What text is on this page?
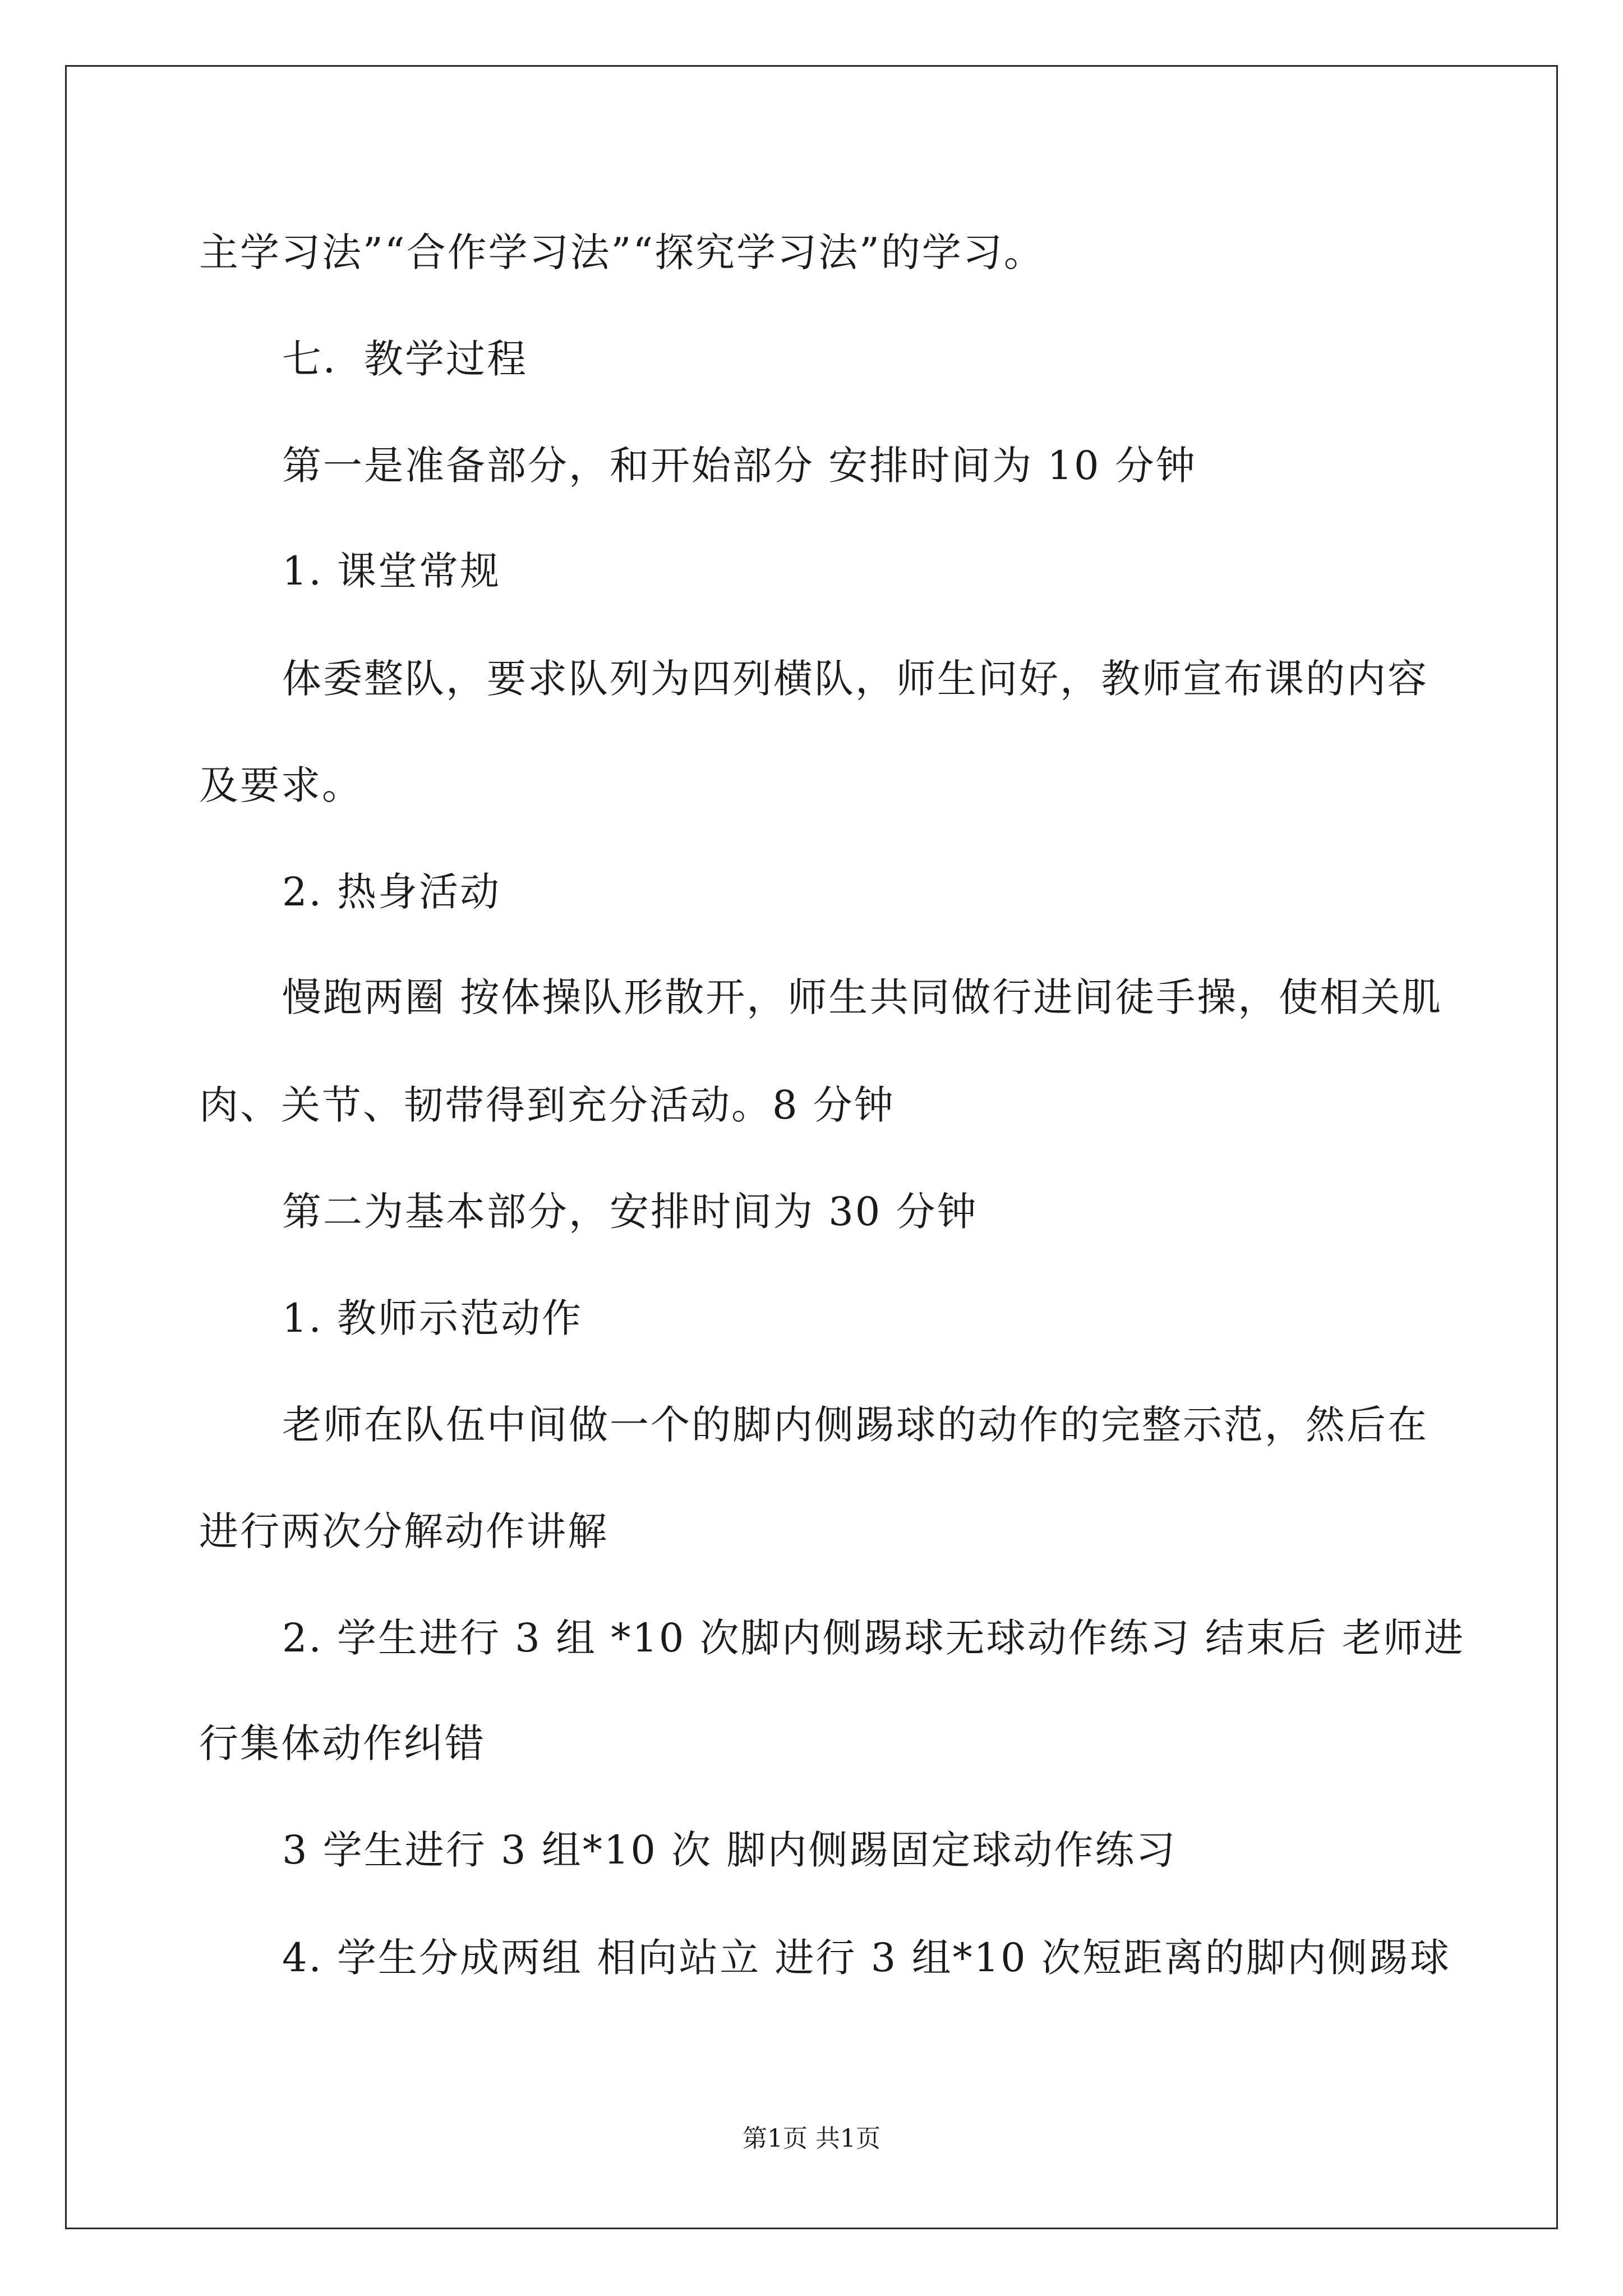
主学习法”“合作学习法”“探究学习法”的学习。
七．教学过程
第一是准备部分，和开始部分 安排时间为 10 分钟
1. 课堂常规
体委整队，要求队列为四列横队，师生问好，教师宣布课的内容
及要求。
2. 热身活动
慢跑两圈 按体操队形散开，师生共同做行进间徒手操，使相关肌
肉、关节、韧带得到充分活动。8 分钟
第二为基本部分，安排时间为 30 分钟
1. 教师示范动作
老师在队伍中间做一个的脚内侧踢球的动作的完整示范，然后在
进行两次分解动作讲解
2. 学生进行 3 组 *10 次脚内侧踢球无球动作练习 结束后 老师进
行集体动作纠错
3 学生进行 3 组*10 次 脚内侧踢固定球动作练习
4. 学生分成两组 相向站立 进行 3 组*10 次短距离的脚内侧踢球
第1页 共1页
